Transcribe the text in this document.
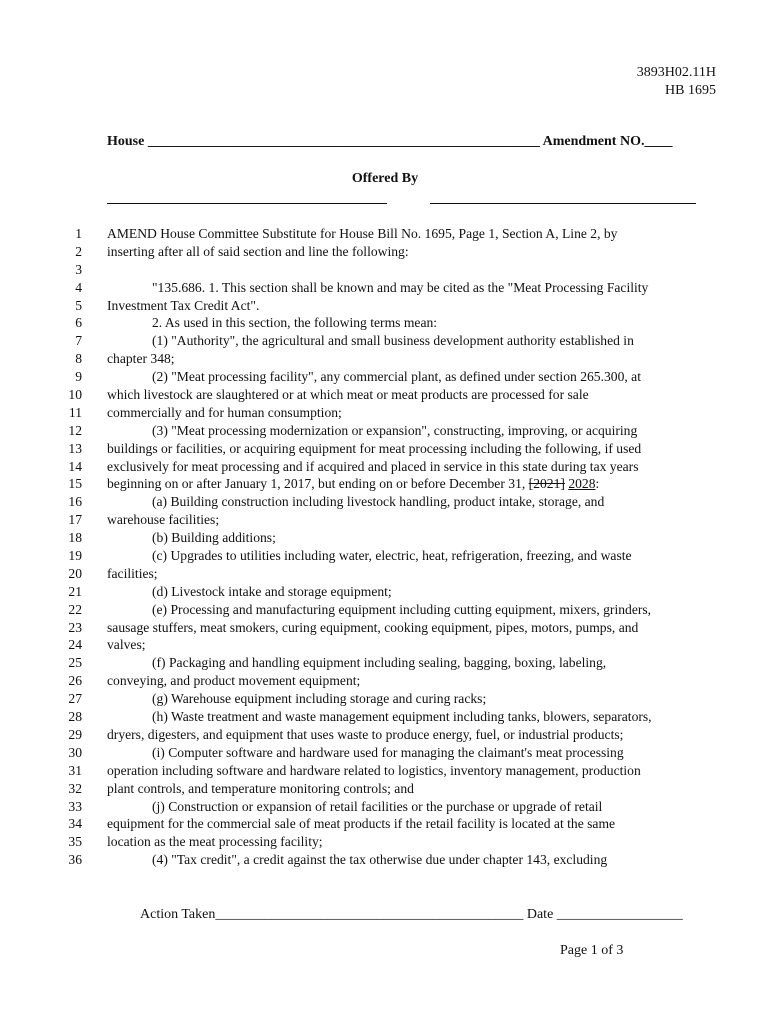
3893H02.11H
HB 1695
House ________________________________________________________ Amendment NO.____
Offered By
1 AMEND House Committee Substitute for House Bill No. 1695, Page 1, Section A, Line 2, by
2 inserting after all of said section and line the following:
3
4	"135.686. 1. This section shall be known and may be cited as the "Meat Processing Facility
5 Investment Tax Credit Act".
6	2. As used in this section, the following terms mean:
7	(1) "Authority", the agricultural and small business development authority established in
8 chapter 348;
9	(2) "Meat processing facility", any commercial plant, as defined under section 265.300, at
10 which livestock are slaughtered or at which meat or meat products are processed for sale
11 commercially and for human consumption;
12	(3) "Meat processing modernization or expansion", constructing, improving, or acquiring
13 buildings or facilities, or acquiring equipment for meat processing including the following, if used
14 exclusively for meat processing and if acquired and placed in service in this state during tax years
15 beginning on or after January 1, 2017, but ending on or before December 31, [2021] 2028:
16	(a) Building construction including livestock handling, product intake, storage, and
17 warehouse facilities;
18	(b) Building additions;
19	(c) Upgrades to utilities including water, electric, heat, refrigeration, freezing, and waste
20 facilities;
21	(d) Livestock intake and storage equipment;
22	(e) Processing and manufacturing equipment including cutting equipment, mixers, grinders,
23 sausage stuffers, meat smokers, curing equipment, cooking equipment, pipes, motors, pumps, and
24 valves;
25	(f) Packaging and handling equipment including sealing, bagging, boxing, labeling,
26 conveying, and product movement equipment;
27	(g) Warehouse equipment including storage and curing racks;
28	(h) Waste treatment and waste management equipment including tanks, blowers, separators,
29 dryers, digesters, and equipment that uses waste to produce energy, fuel, or industrial products;
30	(i) Computer software and hardware used for managing the claimant's meat processing
31 operation including software and hardware related to logistics, inventory management, production
32 plant controls, and temperature monitoring controls; and
33	(j) Construction or expansion of retail facilities or the purchase or upgrade of retail
34 equipment for the commercial sale of meat products if the retail facility is located at the same
35 location as the meat processing facility;
36	(4) "Tax credit", a credit against the tax otherwise due under chapter 143, excluding
Action Taken____________________________________________ Date __________________
Page 1 of 3
